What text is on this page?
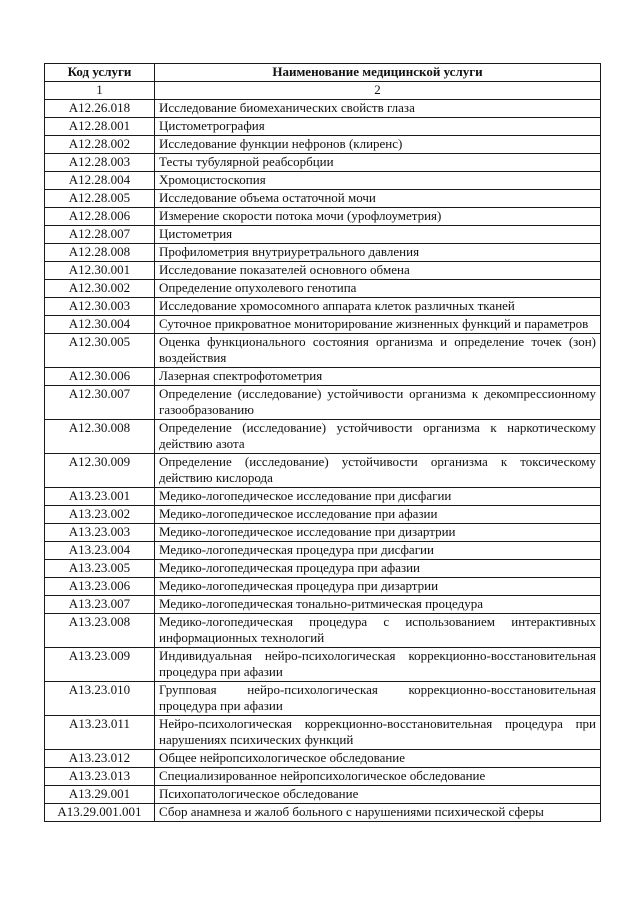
Код услуги	Наименование медицинской услуги
1	2
A12.26.018	Исследование биомеханических свойств глаза
A12.28.001	Цистометрография
A12.28.002	Исследование функции нефронов (клиренс)
A12.28.003	Тесты тубулярной реабсорбции
A12.28.004	Хромоцистоскопия
A12.28.005	Исследование объема остаточной мочи
A12.28.006	Измерение скорости потока мочи (урофлоуметрия)
A12.28.007	Цистометрия
A12.28.008	Профилометрия внутриуретрального давления
A12.30.001	Исследование показателей основного обмена
A12.30.002	Определение опухолевого генотипа
A12.30.003	Исследование хромосомного аппарата клеток различных тканей
A12.30.004	Суточное прикроватное мониторирование жизненных функций и параметров
A12.30.005	Оценка функционального состояния организма и определение точек (зон) воздействия
A12.30.006	Лазерная спектрофотометрия
A12.30.007	Определение (исследование) устойчивости организма к декомпрессионному газообразованию
A12.30.008	Определение (исследование) устойчивости организма к наркотическому действию азота
A12.30.009	Определение (исследование) устойчивости организма к токсическому действию кислорода
A13.23.001	Медико-логопедическое исследование при дисфагии
A13.23.002	Медико-логопедическое исследование при афазии
A13.23.003	Медико-логопедическое исследование при дизартрии
A13.23.004	Медико-логопедическая процедура при дисфагии
A13.23.005	Медико-логопедическая процедура при афазии
A13.23.006	Медико-логопедическая процедура при дизартрии
A13.23.007	Медико-логопедическая тонально-ритмическая процедура
A13.23.008	Медико-логопедическая процедура с использованием интерактивных информационных технологий
A13.23.009	Индивидуальная нейро-психологическая коррекционно-восстановительная процедура при афазии
A13.23.010	Групповая нейро-психологическая коррекционно-восстановительная процедура при афазии
A13.23.011	Нейро-психологическая коррекционно-восстановительная процедура при нарушениях психических функций
A13.23.012	Общее нейропсихологическое обследование
A13.23.013	Специализированное нейропсихологическое обследование
A13.29.001	Психопатологическое обследование
A13.29.001.001	Сбор анамнеза и жалоб больного с нарушениями психической сферы
